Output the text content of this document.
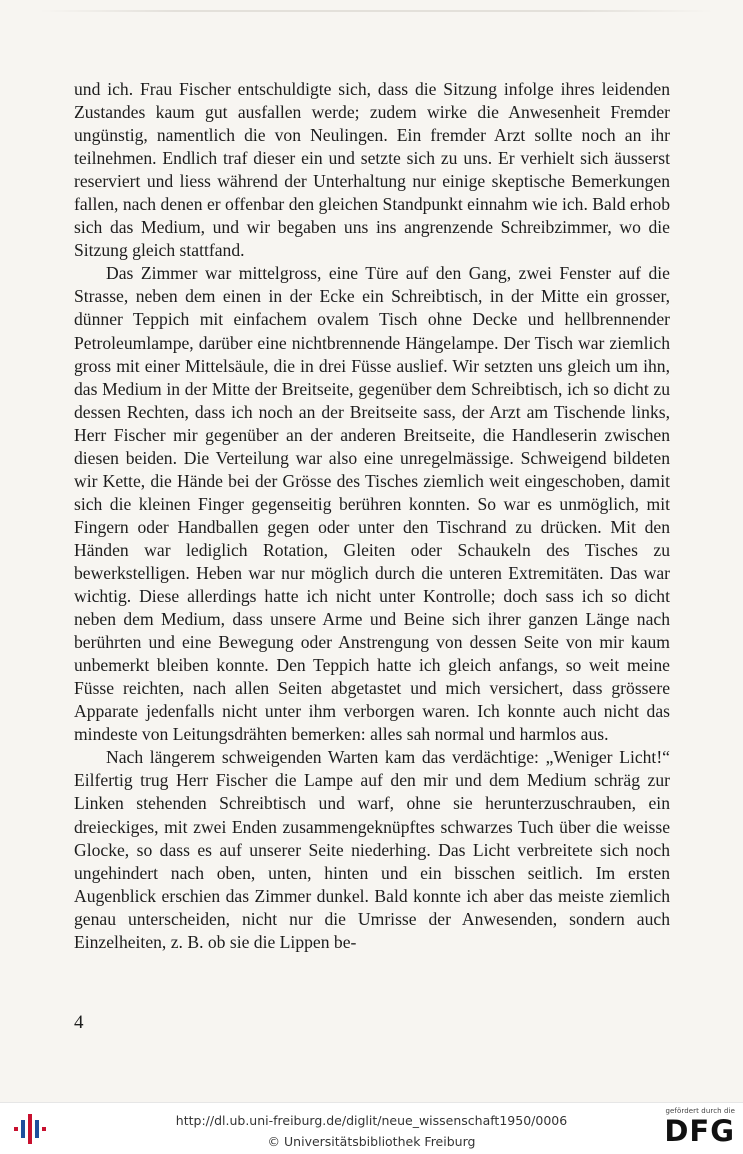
und ich. Frau Fischer entschuldigte sich, dass die Sitzung infolge ihres leidenden Zustandes kaum gut ausfallen werde; zudem wirke die Anwesenheit Fremder ungünstig, namentlich die von Neulingen. Ein fremder Arzt sollte noch an ihr teilnehmen. Endlich traf dieser ein und setzte sich zu uns. Er verhielt sich äusserst reserviert und liess während der Unterhaltung nur einige skeptische Bemerkungen fallen, nach denen er offenbar den gleichen Standpunkt einnahm wie ich. Bald erhob sich das Medium, und wir begaben uns ins angrenzende Schreibzimmer, wo die Sitzung gleich stattfand.

Das Zimmer war mittelgross, eine Türe auf den Gang, zwei Fenster auf die Strasse, neben dem einen in der Ecke ein Schreibtisch, in der Mitte ein grosser, dünner Teppich mit einfachem ovalem Tisch ohne Decke und hellbrennender Petroleumlampe, darüber eine nichtbrennende Hängelampe. Der Tisch war ziemlich gross mit einer Mittelsäule, die in drei Füsse auslief. Wir setzten uns gleich um ihn, das Medium in der Mitte der Breitseite, gegenüber dem Schreibtisch, ich so dicht zu dessen Rechten, dass ich noch an der Breitseite sass, der Arzt am Tischende links, Herr Fischer mir gegenüber an der anderen Breitseite, die Handleserin zwischen diesen beiden. Die Verteilung war also eine unregelmässige. Schweigend bildeten wir Kette, die Hände bei der Grösse des Tisches ziemlich weit eingeschoben, damit sich die kleinen Finger gegenseitig berühren konnten. So war es unmöglich, mit Fingern oder Handballen gegen oder unter den Tischrand zu drücken. Mit den Händen war lediglich Rotation, Gleiten oder Schaukeln des Tisches zu bewerkstelligen. Heben war nur möglich durch die unteren Extremitäten. Das war wichtig. Diese allerdings hatte ich nicht unter Kontrolle; doch sass ich so dicht neben dem Medium, dass unsere Arme und Beine sich ihrer ganzen Länge nach berührten und eine Bewegung oder Anstrengung von dessen Seite von mir kaum unbemerkt bleiben konnte. Den Teppich hatte ich gleich anfangs, so weit meine Füsse reichten, nach allen Seiten abgetastet und mich versichert, dass grössere Apparate jedenfalls nicht unter ihm verborgen waren. Ich konnte auch nicht das mindeste von Leitungsdrähten bemerken: alles sah normal und harmlos aus.

Nach längerem schweigenden Warten kam das verdächtige: „Weniger Licht!“ Eilfertig trug Herr Fischer die Lampe auf den mir und dem Medium schräg zur Linken stehenden Schreibtisch und warf, ohne sie herunterzuschrauben, ein dreieckiges, mit zwei Enden zusammengeknüpftes schwarzes Tuch über die weisse Glocke, so dass es auf unserer Seite niederhing. Das Licht verbreitete sich noch ungehindert nach oben, unten, hinten und ein bisschen seitlich. Im ersten Augenblick erschien das Zimmer dunkel. Bald konnte ich aber das meiste ziemlich genau unterscheiden, nicht nur die Umrisse der Anwesenden, sondern auch Einzelheiten, z. B. ob sie die Lippen be-

4
http://dl.ub.uni-freiburg.de/diglit/neue_wissenschaft1950/0006
© Universitätsbibliothek Freiburg
gefördert durch die
DFG
